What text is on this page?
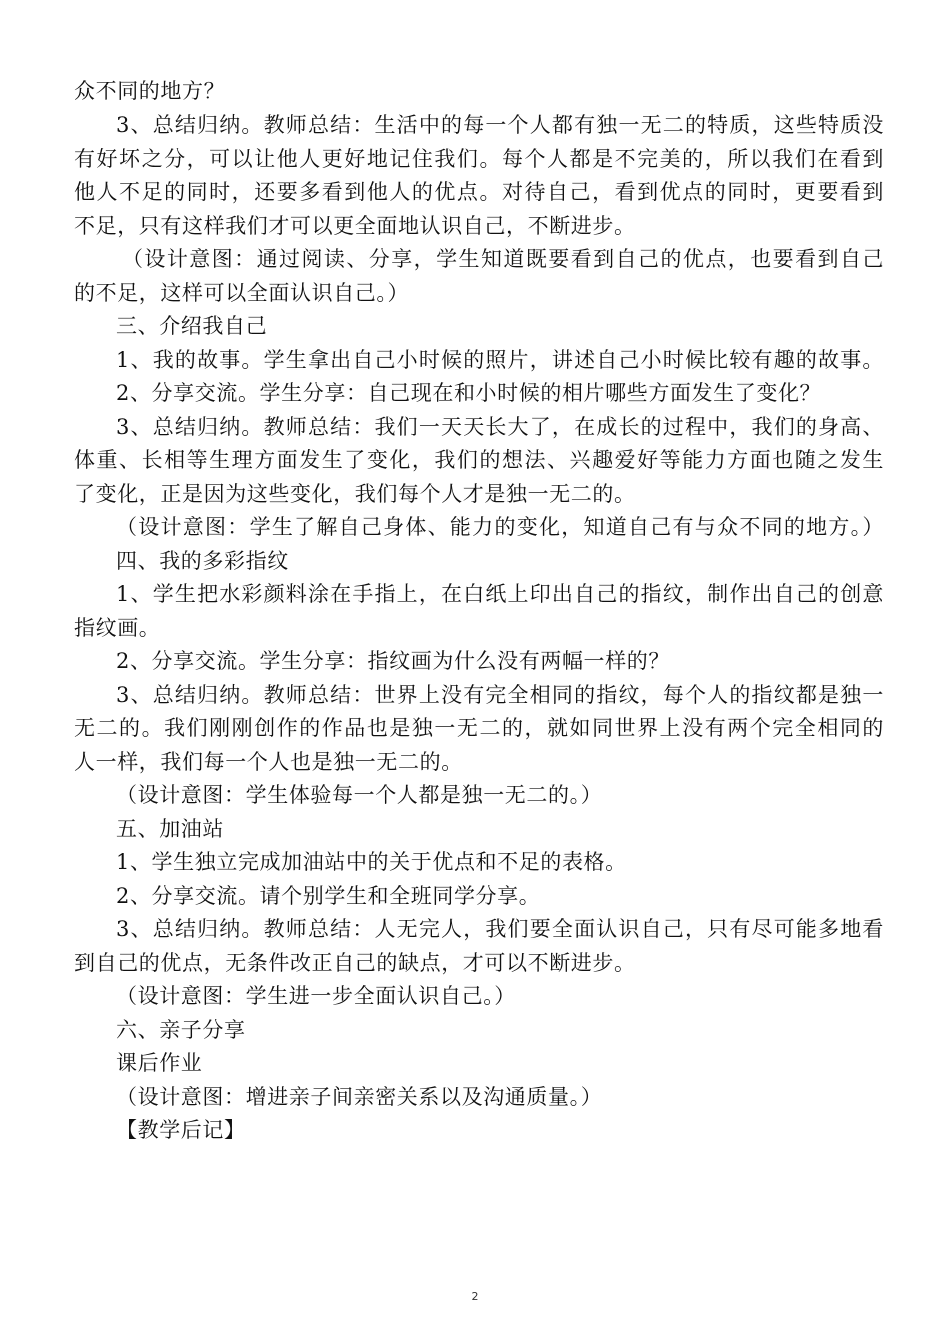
众不同的地方？
3、总结归纳。教师总结：生活中的每一个人都有独一无二的特质，这些特质没
有好坏之分，可以让他人更好地记住我们。每个人都是不完美的，所以我们在看到
他人不足的同时，还要多看到他人的优点。对待自己，看到优点的同时，更要看到
不足，只有这样我们才可以更全面地认识自己，不断进步。
（设计意图：通过阅读、分享，学生知道既要看到自己的优点，也要看到自己
的不足，这样可以全面认识自己。）
三、介绍我自己
1、我的故事。学生拿出自己小时候的照片，讲述自己小时候比较有趣的故事。
2、分享交流。学生分享：自己现在和小时候的相片哪些方面发生了变化？
3、总结归纳。教师总结：我们一天天长大了，在成长的过程中，我们的身高、
体重、长相等生理方面发生了变化，我们的想法、兴趣爱好等能力方面也随之发生
了变化，正是因为这些变化，我们每个人才是独一无二的。
（设计意图：学生了解自己身体、能力的变化，知道自己有与众不同的地方。）
四、我的多彩指纹
1、学生把水彩颜料涂在手指上，在白纸上印出自己的指纹，制作出自己的创意
指纹画。
2、分享交流。学生分享：指纹画为什么没有两幅一样的？
3、总结归纳。教师总结：世界上没有完全相同的指纹，每个人的指纹都是独一
无二的。我们刚刚创作的作品也是独一无二的，就如同世界上没有两个完全相同的
人一样，我们每一个人也是独一无二的。
（设计意图：学生体验每一个人都是独一无二的。）
五、加油站
1、学生独立完成加油站中的关于优点和不足的表格。
2、分享交流。请个别学生和全班同学分享。
3、总结归纳。教师总结：人无完人，我们要全面认识自己，只有尽可能多地看
到自己的优点，无条件改正自己的缺点，才可以不断进步。
（设计意图：学生进一步全面认识自己。）
六、亲子分享
课后作业
（设计意图：增进亲子间亲密关系以及沟通质量。）
【教学后记】
2
